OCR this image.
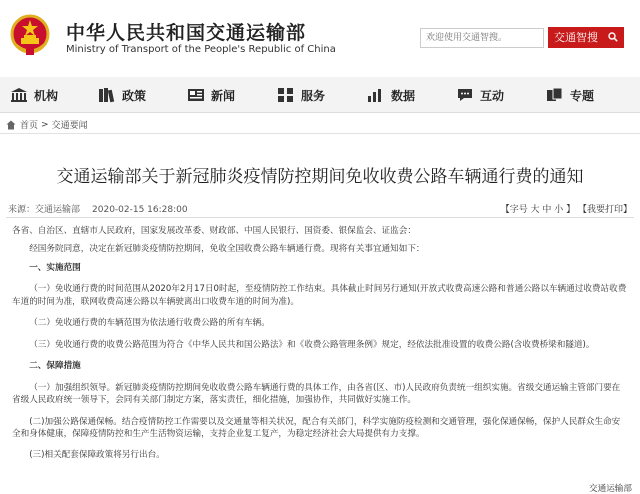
中华人民共和国交通运输部
Ministry of Transport of the People's Republic of China
欢迎使用交通智搜。
交通智搜
机构	政策	新闻	服务	数据	互动	专题
首页 > 交通要闻
交通运输部关于新冠肺炎疫情防控期间免收收费公路车辆通行费的通知
来源：交通运输部 2020-02-15 16:28:00	【字号 大 中 小 】 【我要打印】

各省、自治区、直辖市人民政府，国家发展改革委、财政部、中国人民银行、国资委、银保监会、证监会：

经国务院同意，决定在新冠肺炎疫情防控期间，免收全国收费公路车辆通行费。现将有关事宜通知如下：

一、实施范围

（一）免收通行费的时间范围从2020年2月17日0时起，至疫情防控工作结束。具体截止时间另行通知(开放式收费高速公路和普通公路以车辆通过收费站收费车道的时间为准，联网收费高速公路以车辆驶离出口收费车道的时间为准)。

（二）免收通行费的车辆范围为依法通行收费公路的所有车辆。

（三）免收通行费的收费公路范围为符合《中华人民共和国公路法》和《收费公路管理条例》规定，经依法批准设置的收费公路(含收费桥梁和隧道)。

二、保障措施

（一）加强组织领导。新冠肺炎疫情防控期间免收收费公路车辆通行费的具体工作，由各省(区、市)人民政府负责统一组织实施。省级交通运输主管部门要在省级人民政府统一领导下，会同有关部门制定方案，落实责任，细化措施，加强协作，共同做好实施工作。

(二)加强公路保通保畅。结合疫情防控工作需要以及交通量等相关状况，配合有关部门，科学实施防疫检测和交通管理，强化保通保畅，保护人民群众生命安全和身体健康，保障疫情防控和生产生活物资运输，支持企业复工复产，为稳定经济社会大局提供有力支撑。

(三)相关配套保障政策将另行出台。

交通运输部
